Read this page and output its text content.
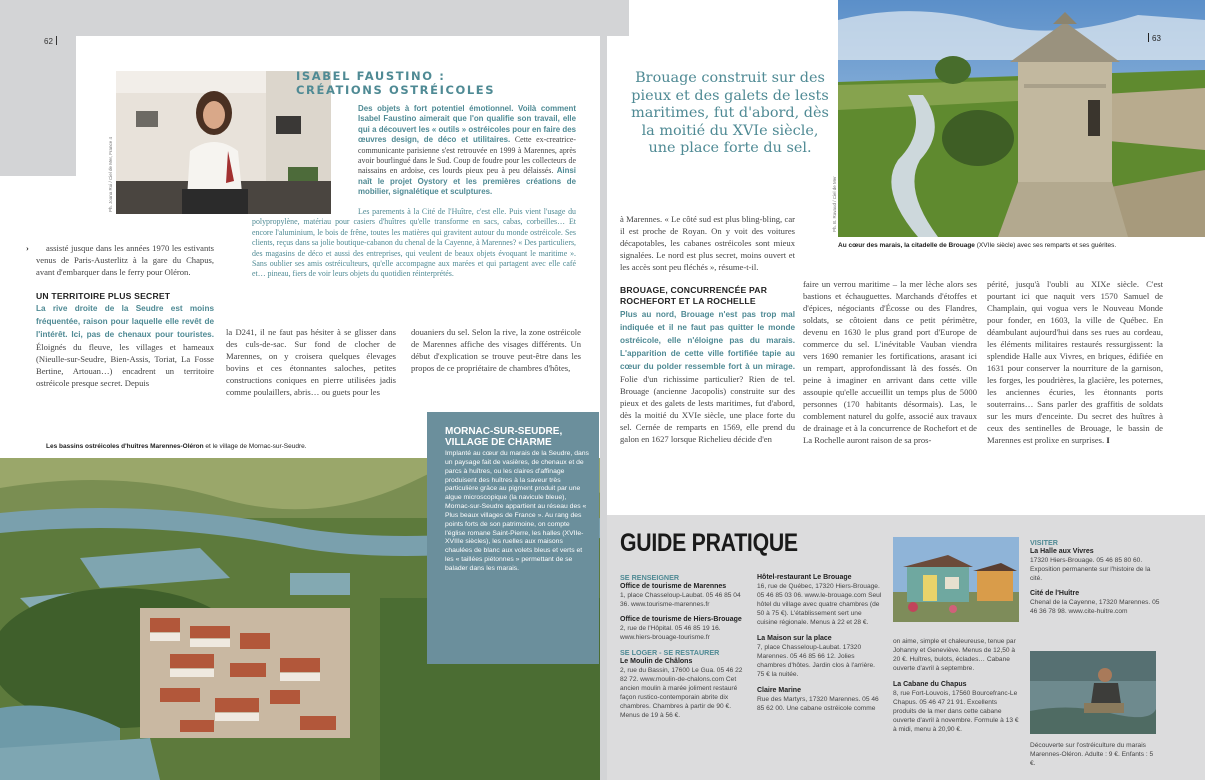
62
Ph. Joana Rui / Ciel de Mer, France 4
ISABEL FAUSTINO :
CRÉATIONS OSTRÉICOLES

Des objets à fort potentiel émotionnel. Voilà comment Isabel Faustino aimerait que l'on qualifie son travail, elle qui a découvert les « outils » ostréicoles pour en faire des œuvres design, de déco et utilitaires. Cette ex-creatrice-communicante parisienne s'est retrouvée en 1999 à Marennes, après avoir bourlingué dans le Sud. Coup de foudre pour les collecteurs de naissains en ardoise, ces lourds pieux peu à peu délaissés. Ainsi naît le projet Oystory et les premières créations de mobilier, signalétique et sculptures.

Les parements à la Cité de l'Huître, c'est elle. Puis vient l'usage du polypropylène, matériau pour casiers d'huîtres qu'elle transforme en sacs, cabas, corbeilles… Et encore l'aluminium, le bois de frêne, toutes les matières qui gravitent autour du monde ostréicole. Ses clients, reçus dans sa jolie boutique-cabanon du chenal de la Cayenne, à Marennes? « Des particuliers, des magasins de déco et aussi des entreprises, qui veulent de beaux objets évoquant le maritime ». Sans oublier ses amis ostréiculteurs, qu'elle accompagne aux marées et qui partagent avec elle café et… pineau, fiers de voir leurs objets du quotidien réinterprétés.

› assisté jusque dans les années 1970 les estivants venus de Paris-Austerlitz à la gare du Chapus, avant d'embarquer dans le ferry pour Oléron.

UN TERRITOIRE PLUS SECRET

La rive droite de la Seudre est moins fréquentée, raison pour laquelle elle revêt de l'intérêt. Ici, pas de chenaux pour touristes. Éloignés du fleuve, les villages et hameaux (Nieulle-sur-Seudre, Bien-Assis, Toriat, La Fosse Bertine, Artouan…) encadrent un territoire ostréicole presque secret. Depuis

la D241, il ne faut pas hésiter à se glisser dans des culs-de-sac. Sur fond de clocher de Marennes, on y croisera quelques élevages bovins et ces étonnantes saloches, petites constructions coniques en pierre utilisées jadis comme poulaillers, abris… ou guets pour les

douaniers du sel. Selon la rive, la zone ostréicole de Marennes affiche des visages différents. Un début d'explication se trouve peut-être dans les propos de ce propriétaire de chambres d'hôtes,

Les bassins ostréicoles d'huîtres Marennes-Oléron et le village de Mornac-sur-Seudre.
MORNAC-SUR-SEUDRE,
VILLAGE DE CHARME

Implanté au cœur du marais de la Seudre, dans un paysage fait de vasières, de chenaux et de parcs à huîtres, ou les claires d'affinage produisent des huîtres à la saveur très particulière grâce au pigment produit par une algue microscopique (la navicule bleue), Mornac-sur-Seudre appartient au réseau des « Plus beaux villages de France ». Au rang des points forts de son patrimoine, on compte l'église romane Saint-Pierre, les halles (XVIIe-XVIIIe siècles), les ruelles aux maisons chaulées de blanc aux volets bleus et verts et les « taillées piétonnes » permettant de se balader dans les marais.

Brouage construit sur des pieux et des galets de lests maritimes, fut d'abord, dès la moitié du XVIe siècle, une place forte du sel.
63
Ph. B. Ravaud / Ciel de Mer
Au cœur des marais, la citadelle de Brouage (XVIIe siècle) avec ses remparts et ses guérites.

à Marennes. « Le côté sud est plus bling-bling, car il est proche de Royan. On y voit des voitures décapotables, les cabanes ostréicoles sont mieux signalées. Le nord est plus secret, moins ouvert et les accès sont peu fléchés », résume-t-il.

BROUAGE, CONCURRENCÉE PAR
ROCHEFORT ET LA ROCHELLE

Plus au nord, Brouage n'est pas trop mal indiquée et il ne faut pas quitter le monde ostréicole, elle n'éloigne pas du marais. L'apparition de cette ville fortifiée tapie au cœur du polder ressemble fort à un mirage. Folie d'un richissime particulier? Rien de tel. Brouage (ancienne Jacopolis) construite sur des pieux et des galets de lests maritimes, fut d'abord, dès la moitié du XVIe siècle, une place forte du sel. Cernée de remparts en 1569, elle prend du galon en 1627 lorsque Richelieu décide d'en

faire un verrou maritime – la mer lèche alors ses bastions et échauguettes. Marchands d'étoffes et d'épices, négociants d'Écosse ou des Flandres, soldats, se côtoient dans ce petit périmètre, devenu en 1630 le plus grand port d'Europe de commerce du sel. L'inévitable Vauban viendra vers 1690 remanier les fortifications, arasant ici un rempart, approfondissant là des fossés. On peine à imaginer en arrivant dans cette ville assoupie qu'elle accueillit un temps plus de 5000 personnes (170 habitants désormais). Las, le comblement naturel du golfe, associé aux travaux de drainage et à la concurrence de Rochefort et de La Rochelle auront raison de sa pros-

périté, jusqu'à l'oubli au XIXe siècle. C'est pourtant ici que naquit vers 1570 Samuel de Champlain, qui vogua vers le Nouveau Monde pour fonder, en 1603, la ville de Québec. En déambulant aujourd'hui dans ses rues au cordeau, les éléments militaires restaurés ressurgissent: la splendide Halle aux Vivres, en briques, édifiée en 1631 pour conserver la nourriture de la garnison, les forges, les poudrières, la glacière, les poternes, les anciennes écuries, les étonnants ports souterrains… Sans parler des graffitis de soldats sur les murs d'enceinte. Du secret des huîtres à ceux des sentinelles de Brouage, le bassin de Marennes est prolixe en surprises. I

GUIDE PRATIQUE
SE RENSEIGNER
Office de tourisme de Marennes

1, place Chasseloup-Laubat. 05 46 85 04 36. www.tourisme-marennes.fr

Office de tourisme de Hiers-Brouage

2, rue de l'Hôpital. 05 46 85 19 16. www.hiers-brouage-tourisme.fr

SE LOGER - SE RESTAURER
Le Moulin de Châlons

2, rue du Bassin, 17600 Le Gua. 05 46 22 82 72. www.moulin-de-chalons.com Cet ancien moulin à marée joliment restauré façon rustico-contemporain abrite dix chambres. Chambres à partir de 90 €. Menus de 19 à 56 €.

Hôtel-restaurant Le Brouage

16, rue de Québec, 17320 Hiers-Brouage. 05 46 85 03 06. www.le-brouage.com Seul hôtel du village avec quatre chambres (de 50 à 75 €). L'établissement sert une cuisine régionale. Menus à 22 et 28 €.

La Maison sur la place

7, place Chasseloup-Laubat. 17320 Marennes. 05 46 85 66 12. Jolies chambres d'hôtes. Jardin clos à l'arrière. 75 € la nuitée.

Claire Marine

Rue des Martyrs, 17320 Marennes. 05 46 85 62 00. Une cabane ostréicole comme

on aime, simple et chaleureuse, tenue par Johanny et Geneviève. Menus de 12,50 à 20 €. Huîtres, bulots, éclades… Cabane ouverte d'avril à septembre.

La Cabane du Chapus

8, rue Fort-Louvois, 17560 Bourcefranc-Le Chapus. 05 46 47 21 91. Excellents produits de la mer dans cette cabane ouverte d'avril à novembre. Formule à 13 € à midi, menu à 20,90 €.

VISITER
La Halle aux Vivres

17320 Hiers-Brouage. 05 46 85 80 60. Exposition permanente sur l'histoire de la cité.

Cité de l'Huître

Chenal de la Cayenne, 17320 Marennes. 05 46 36 78 98. www.cite-huitre.com

Découverte sur l'ostréiculture du marais Marennes-Oléron. Adulte : 9 €. Enfants : 5 €.
